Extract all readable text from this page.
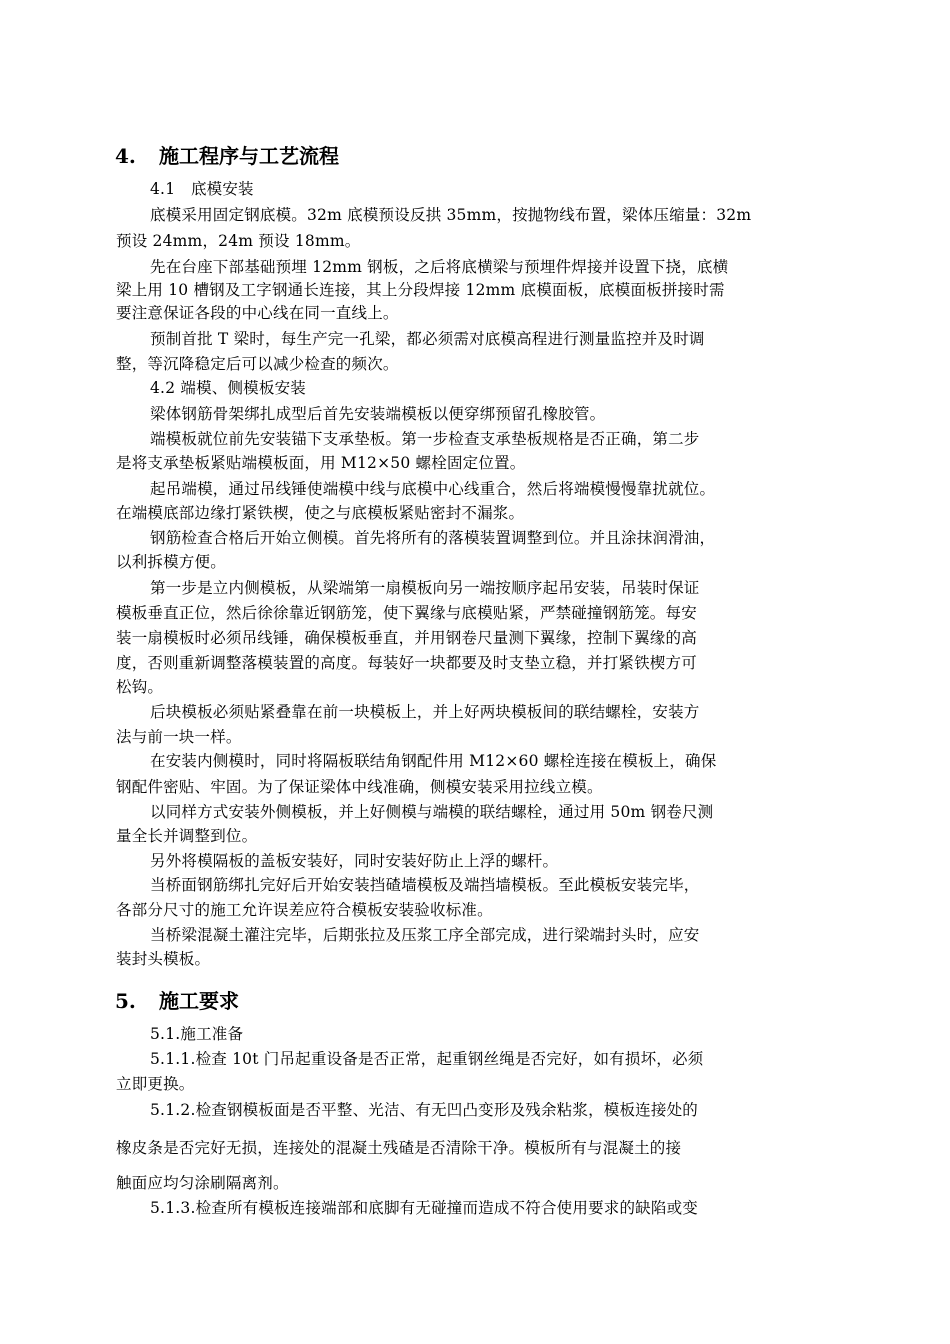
4. 施工程序与工艺流程

4.1　底模安装

底模采用固定钢底模。32m 底模预设反拱 35mm，按抛物线布置，梁体压缩量：32m

预设 24mm，24m 预设 18mm。

先在台座下部基础预埋 12mm 钢板，之后将底横梁与预埋件焊接并设置下挠，底横

梁上用 10 槽钢及工字钢通长连接，其上分段焊接 12mm 底模面板，底模面板拼接时需

要注意保证各段的中心线在同一直线上。

预制首批 T 梁时，每生产完一孔梁，都必须需对底模高程进行测量监控并及时调

整，等沉降稳定后可以减少检查的频次。

4.2 端模、侧模板安装

梁体钢筋骨架绑扎成型后首先安装端模板以便穿绑预留孔橡胶管。

端模板就位前先安装锚下支承垫板。第一步检查支承垫板规格是否正确，第二步

是将支承垫板紧贴端模板面，用 M12×50 螺栓固定位置。

起吊端模，通过吊线锤使端模中线与底模中心线重合，然后将端模慢慢靠扰就位。

在端模底部边缘打紧铁楔，使之与底模板紧贴密封不漏浆。

钢筋检查合格后开始立侧模。首先将所有的落模装置调整到位。并且涂抹润滑油，

以利拆模方便。

第一步是立内侧模板，从梁端第一扇模板向另一端按顺序起吊安装，吊装时保证

模板垂直正位，然后徐徐靠近钢筋笼，使下翼缘与底模贴紧，严禁碰撞钢筋笼。每安

装一扇模板时必须吊线锤，确保模板垂直，并用钢卷尺量测下翼缘，控制下翼缘的高

度，否则重新调整落模装置的高度。每装好一块都要及时支垫立稳，并打紧铁楔方可

松钩。

后块模板必须贴紧叠靠在前一块模板上，并上好两块模板间的联结螺栓，安装方

法与前一块一样。

在安装内侧模时，同时将隔板联结角钢配件用 M12×60 螺栓连接在模板上，确保

钢配件密贴、牢固。为了保证梁体中线准确，侧模安装采用拉线立模。

以同样方式安装外侧模板，并上好侧模与端模的联结螺栓，通过用 50m 钢卷尺测

量全长并调整到位。

另外将模隔板的盖板安装好，同时安装好防止上浮的螺杆。

当桥面钢筋绑扎完好后开始安装挡碴墙模板及端挡墙模板。至此模板安装完毕，

各部分尺寸的施工允许误差应符合模板安装验收标准。

当桥梁混凝土灌注完毕，后期张拉及压浆工序全部完成，进行梁端封头时，应安

装封头模板。

5. 施工要求

5.1.施工准备

5.1.1.检查 10t 门吊起重设备是否正常，起重钢丝绳是否完好，如有损坏，必须

立即更换。

5.1.2.检查钢模板面是否平整、光洁、有无凹凸变形及残余粘浆，模板连接处的

橡皮条是否完好无损，连接处的混凝土残碴是否清除干净。模板所有与混凝土的接

触面应均匀涂刷隔离剂。

5.1.3.检查所有模板连接端部和底脚有无碰撞而造成不符合使用要求的缺陷或变
